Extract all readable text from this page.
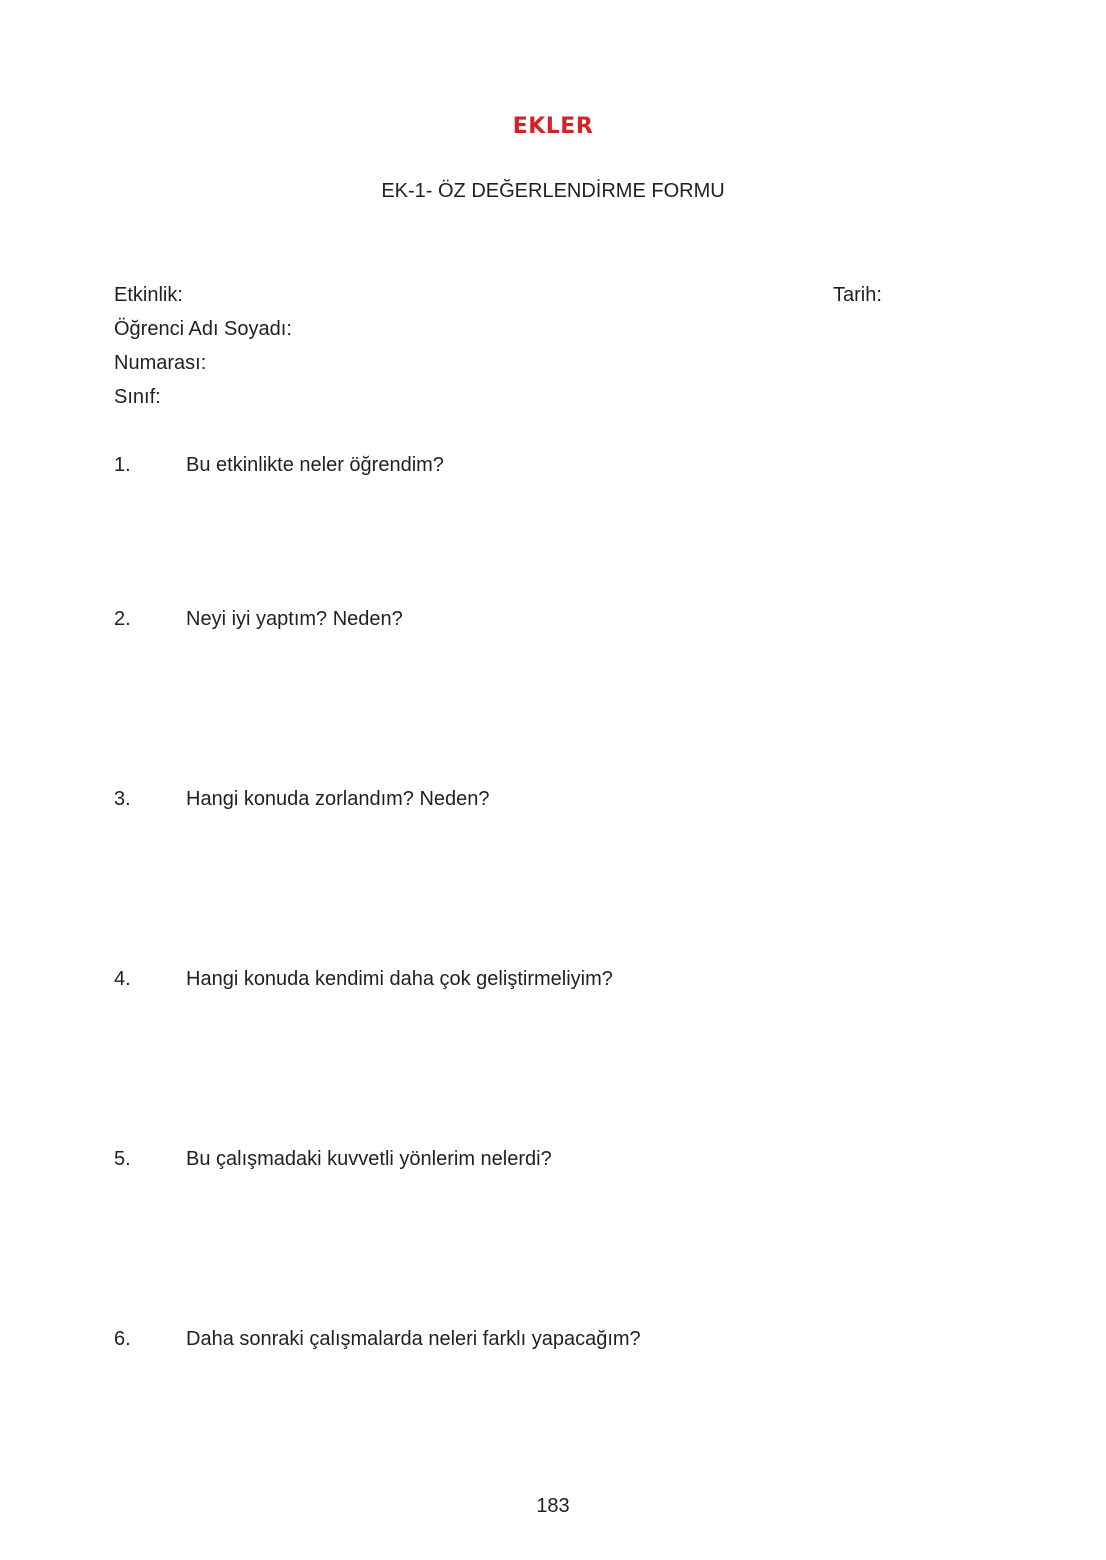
EKLER
EK-1- ÖZ DEĞERLENDİRME FORMU
Etkinlik:	Tarih:
Öğrenci Adı Soyadı:
Numarası:
Sınıf:
1.	Bu etkinlikte neler öğrendim?
2.	Neyi iyi yaptım? Neden?
3.	Hangi konuda zorlandım? Neden?
4.	Hangi konuda kendimi daha çok geliştirmeliyim?
5.	Bu çalışmadaki kuvvetli yönlerim nelerdi?
6.	Daha sonraki çalışmalarda neleri farklı yapacağım?
183
